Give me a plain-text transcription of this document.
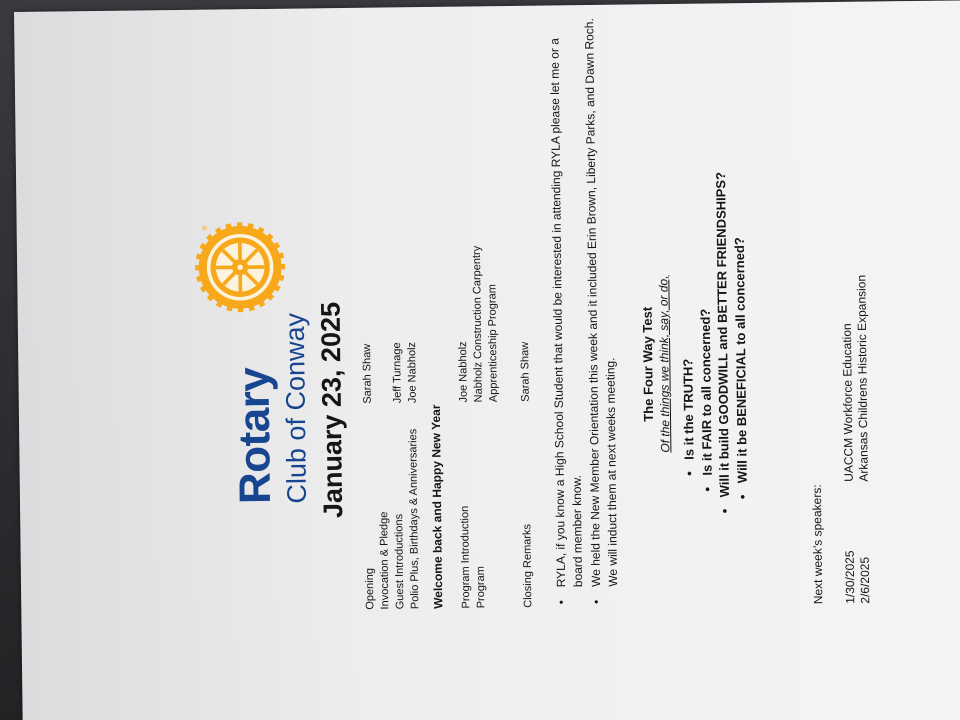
®
Rotary Club of Conway January 23, 2025
Opening
Sarah Shaw
Invocation & Pledge Guest Introductions
Jeff Turnage
Polio Plus, Birthdays & Anniversaries
Joe Nabholz
Welcome back and Happy New Year Program Introduction
Joe Nabholz
Program
Nabholz Construction Carpentry Apprenticeship Program
Closing Remarks
Sarah Shaw
• RYLA, if you know a High School Student that would be interested in attending RYLA please let me or a board member know.
• We held the New Member Orientation this week and it included Erin Brown, Liberty Parks, and Dawn Roch. We will induct them at next weeks meeting. The Four Way Test Of the things we think, say, or do,
•Is it the TRUTH?
•Is it FAIR to all concerned?
•Will it build GOODWILL and BETTER FRIENDSHIPS? •Will it be BENEFICIAL to all concerned?
Next week’s speakers: 1/30/2025UACCM Workforce Education
2/6/2025Arkansas Childrens Historic Expansion
